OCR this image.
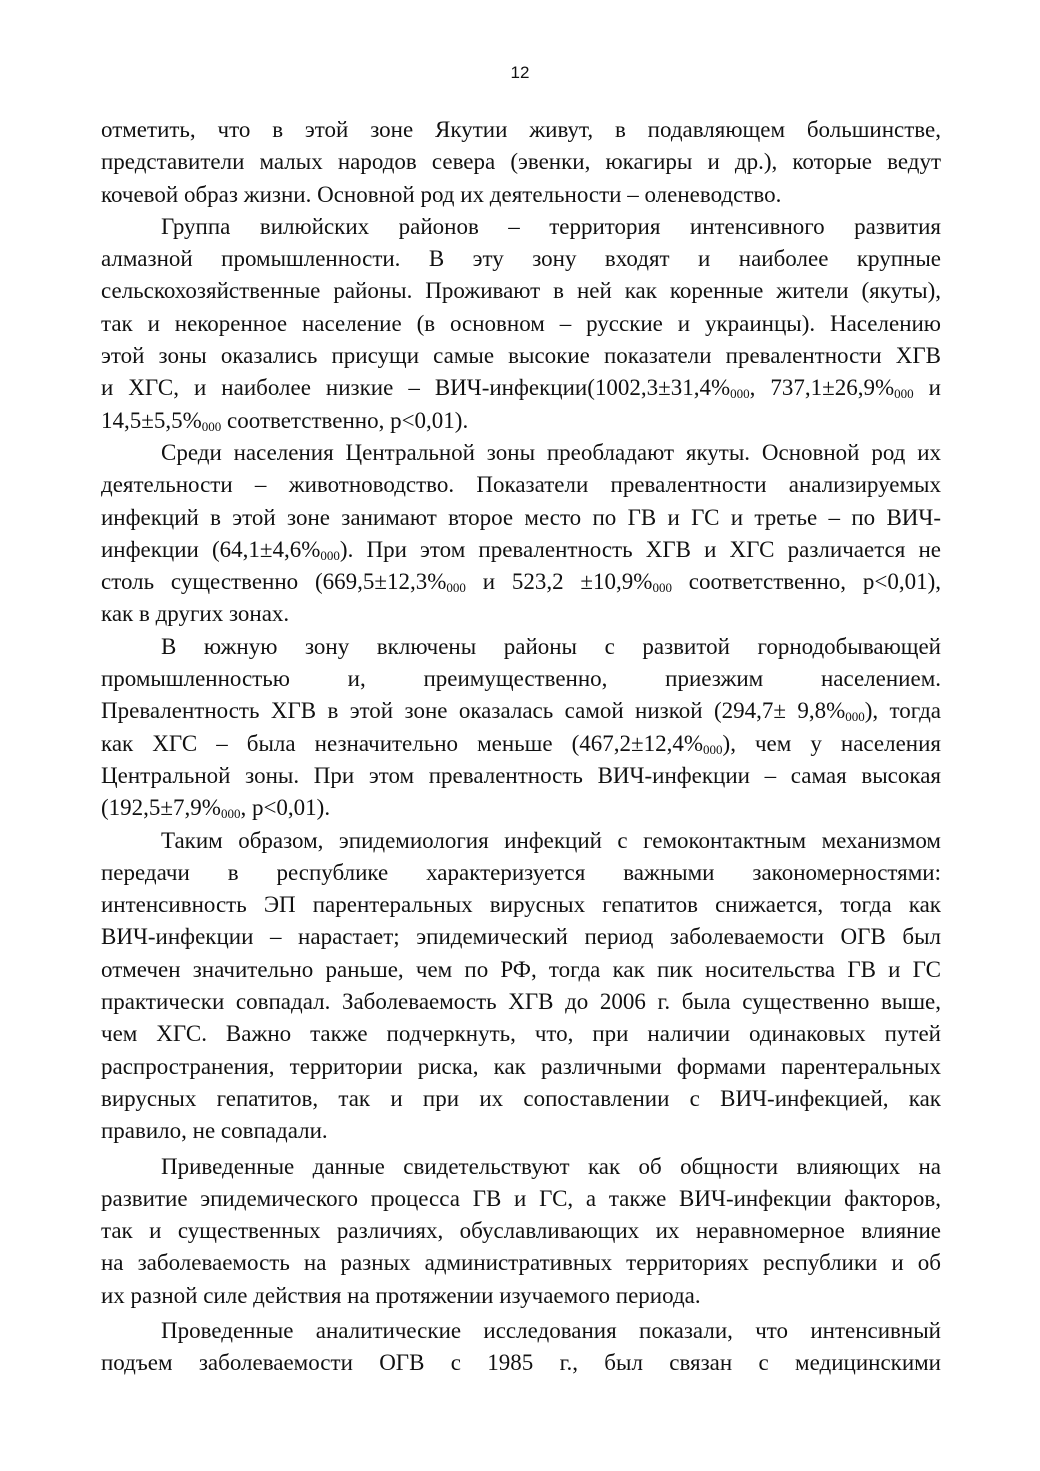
12
отметить, что в этой зоне Якутии живут, в подавляющем большинстве,
представители малых народов севера (эвенки, юкагиры и др.), которые ведут
кочевой образ жизни. Основной род их деятельности – оленеводство.
Группа вилюйских районов – территория интенсивного развития
алмазной промышленности. В эту зону входят и наиболее крупные
сельскохозяйственные районы. Проживают в ней как коренные жители (якуты),
так и некоренное население (в основном – русские и украинцы). Населению
этой зоны оказались присущи самые высокие показатели превалентности ХГВ
и ХГС, и наиболее низкие – ВИЧ-$инфекции(1002,3\pm 31,4\%_{000}$, $737,1\pm 26,9\%_{000}$ и
$14,5\pm 5,5\%_{000}$ соответственно, р<0,01).
Среди населения Центральной зоны преобладают якуты. Основной род их
деятельности – животноводство. Показатели превалентности анализируемых
инфекций в этой зоне занимают второе место по ГВ и ГС и третье – по ВИЧ-
инфекции $(64,1\pm 4,6\%_{000})$. При этом превалентность ХГВ и ХГС различается не
столь существенно ($669,5\pm 12,3\%_{000}$ и $523,2 \pm 10,9\%_{000}$ соответственно, р<0,01),
как в других зонах.
В южную зону включены районы с развитой горнодобывающей
промышленностью и, преимущественно, приезжим населением.
Превалентность ХГВ в этой зоне оказалась самой низкой $(294,7\pm 9,8\%_{000})$, тогда
как ХГС – была незначительно меньше $(467,2\pm 12,4\%_{000})$, чем у населения
Центральной зоны. При этом превалентность ВИЧ-инфекции – самая высокая
($192,5\pm 7,9\%_{000}$, р<0,01).
Таким образом, эпидемиология инфекций с гемоконтактным механизмом
передачи в республике характеризуется важными закономерностями:
интенсивность ЭП парентеральных вирусных гепатитов снижается, тогда как
ВИЧ-инфекции – нарастает; эпидемический период заболеваемости ОГВ был
отмечен значительно раньше, чем по РФ, тогда как пик носительства ГВ и ГС
практически совпадал. Заболеваемость ХГВ до 2006 г. была существенно выше,
чем ХГС. Важно также подчеркнуть, что, при наличии одинаковых путей
распространения, территории риска, как различными формами парентеральных
вирусных гепатитов, так и при их сопоставлении с ВИЧ-инфекцией, как
правило, не совпадали.
Приведенные данные свидетельствуют как об общности влияющих на
развитие эпидемического процесса ГВ и ГС, а также ВИЧ-инфекции факторов,
так и существенных различиях, обуславливающих их неравномерное влияние
на заболеваемость на разных административных территориях республики и об
их разной силе действия на протяжении изучаемого периода.
Проведенные аналитические исследования показали, что интенсивный
подъем заболеваемости ОГВ с 1985 г., был связан с медицинскими
